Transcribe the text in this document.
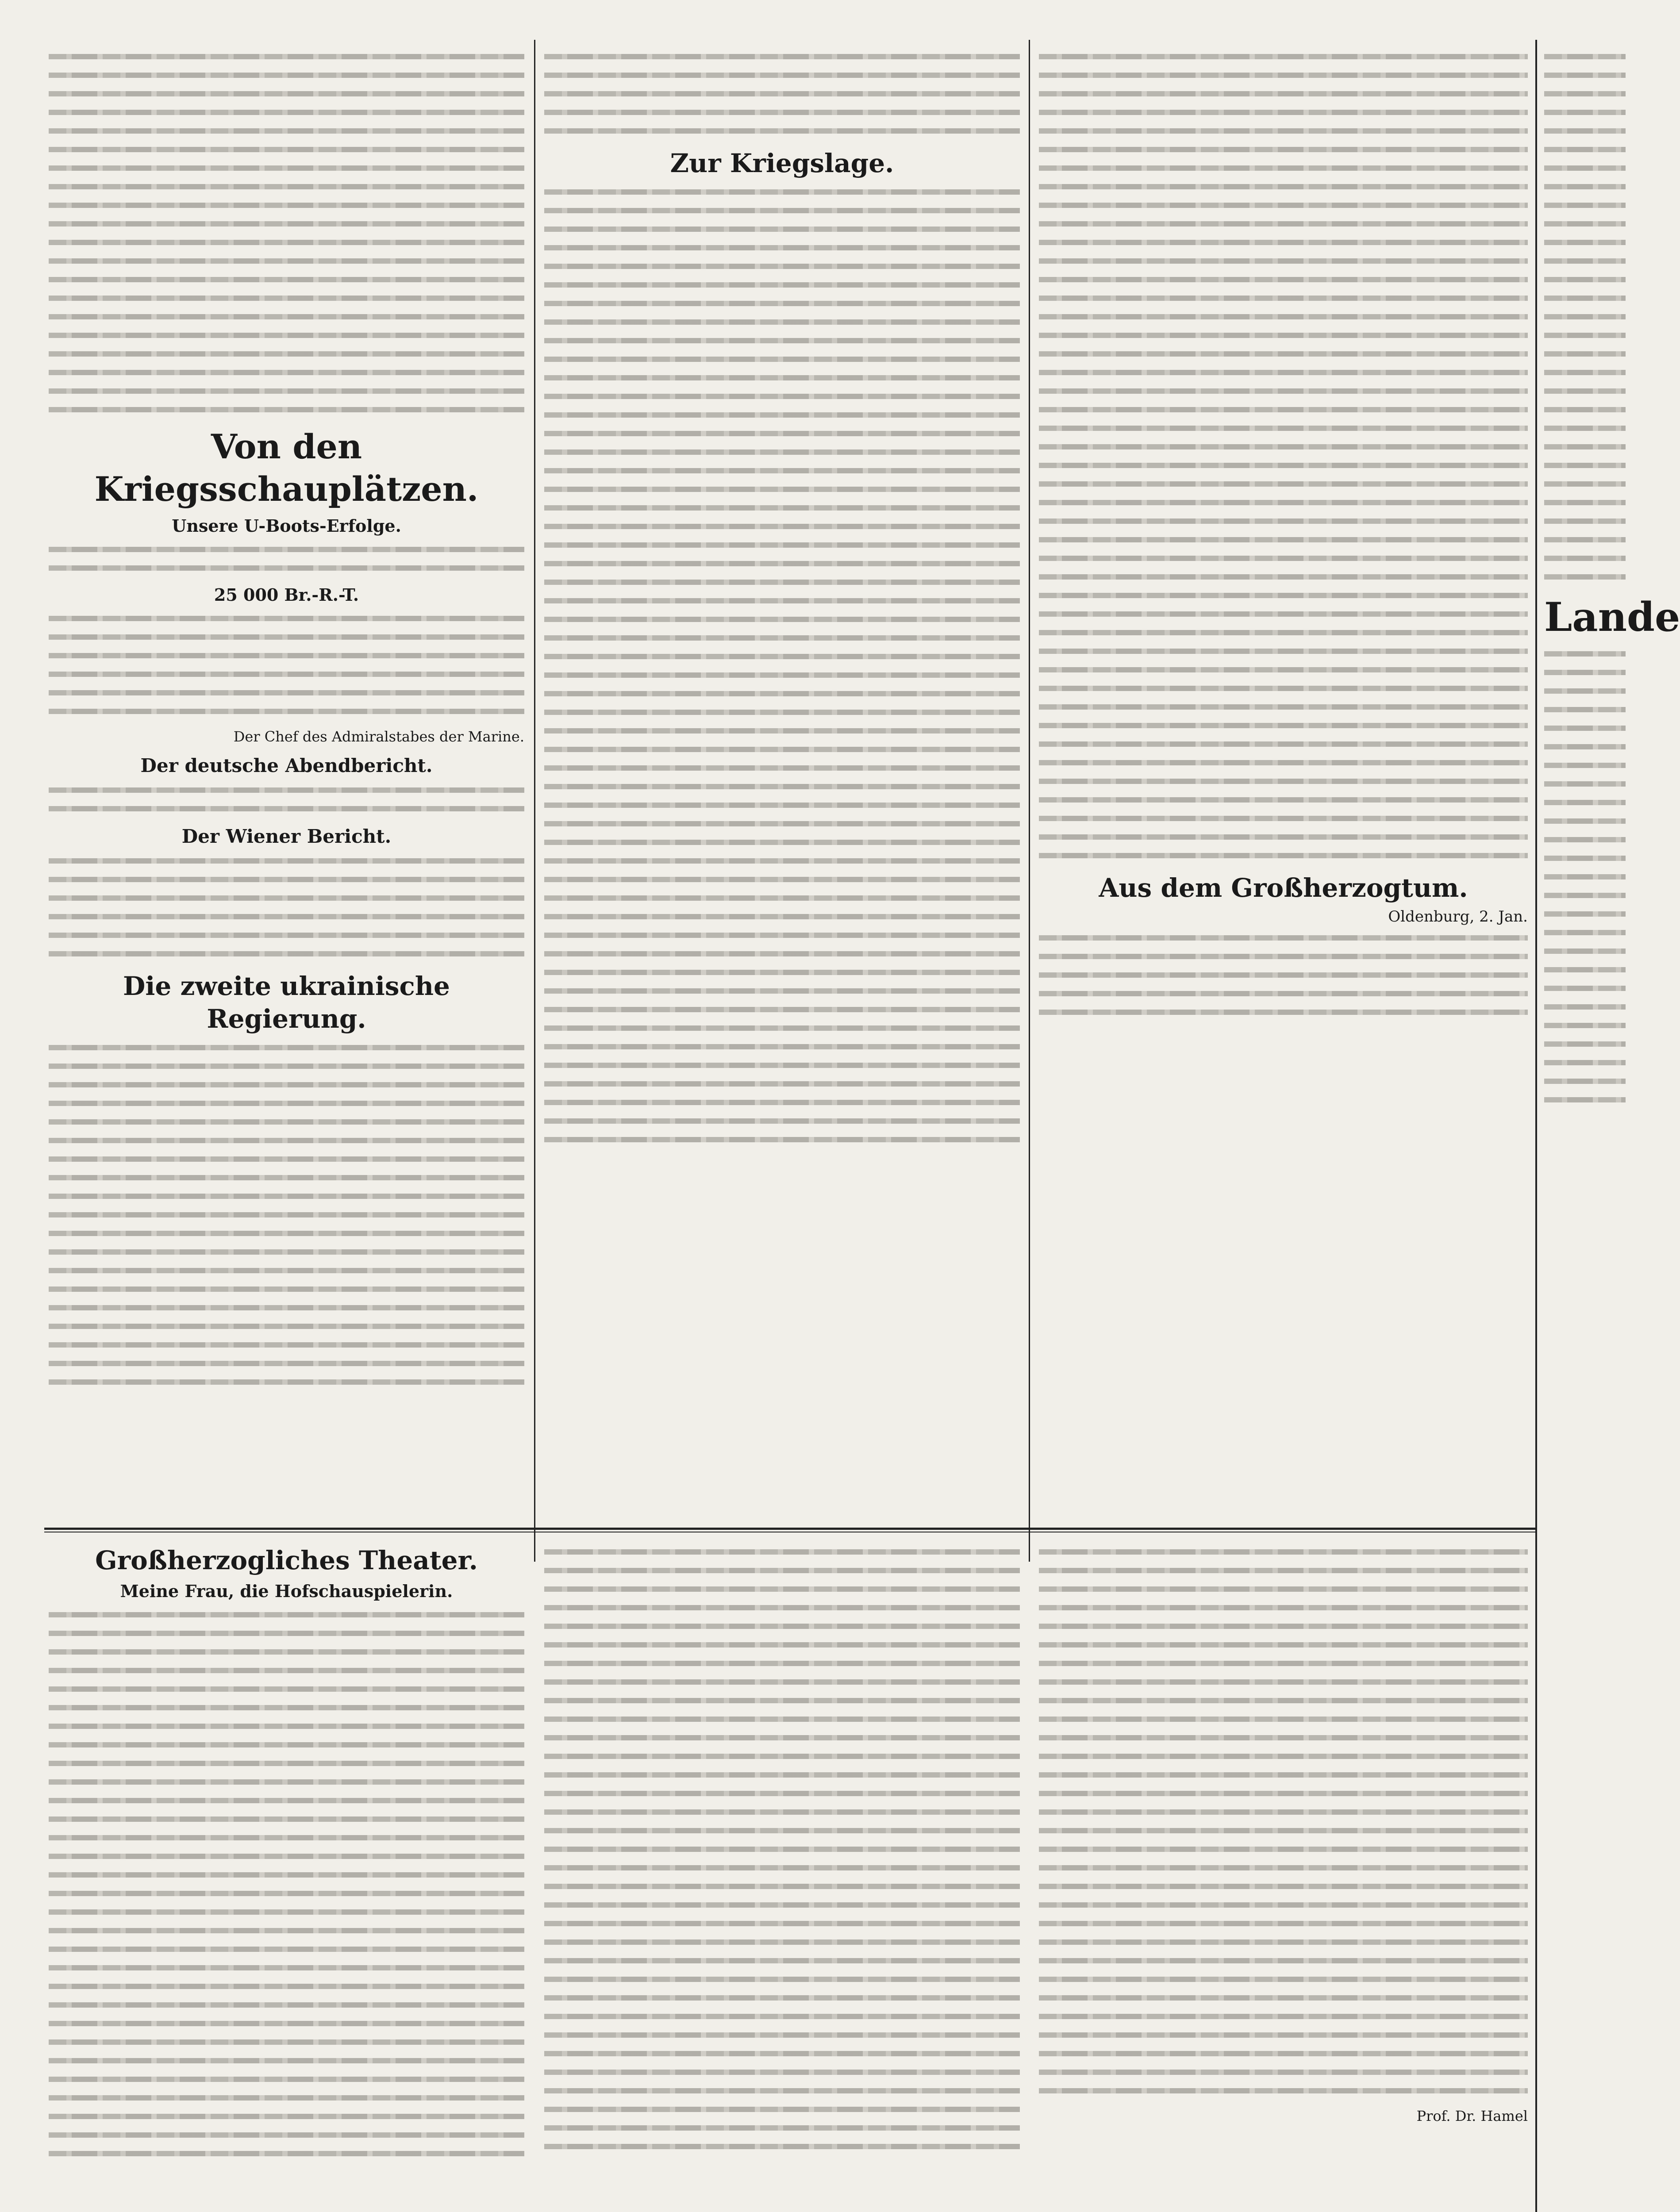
Von den Kriegsschauplätzen.
Unsere U-Boots-Erfolge.

25 000 Br.-R.-T.

Der Chef des Admiralstabes der Marine.
Der deutsche Abendbericht.

Der Wiener Bericht.

Die zweite ukrainische Regierung.

Zur Kriegslage.

Aus dem Großherzogtum.
Oldenburg, 2. Jan.

Großherzogliches Theater.
Meine Frau, die Hofschauspielerin.

Prof. Dr. Hamel

Lande
